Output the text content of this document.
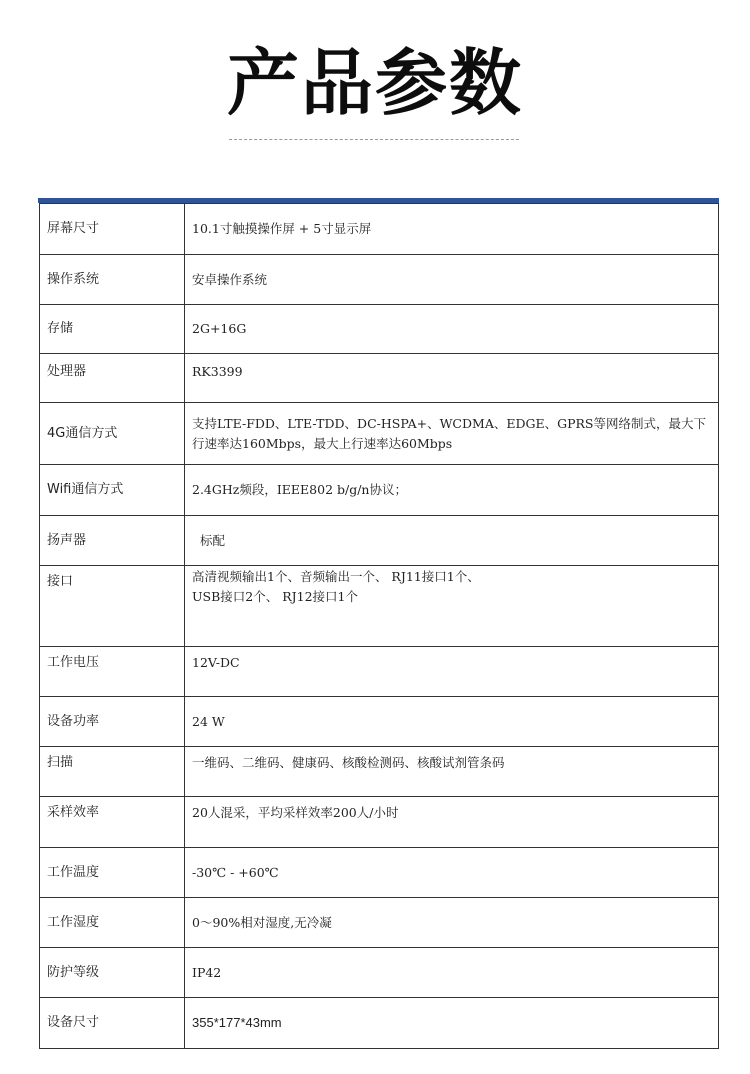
产品参数
屏幕尺寸	10.1寸触摸操作屏 + 5寸显示屏
操作系统	安卓操作系统
存储	2G+16G
处理器	RK3399
4G通信方式	支持LTE-FDD、LTE-TDD、DC-HSPA+、WCDMA、EDGE、GPRS等网络制式，最大下行速率达160Mbps，最大上行速率达60Mbps
Wifi通信方式	2.4GHz频段，IEEE802 b/g/n协议；
扬声器	标配
接口	高清视频输出1个、音频输出一个、 RJ11接口1个、
USB接口2个、 RJ12接口1个

工作电压	12V-DC
设备功率	24 W
扫描	一维码、二维码、健康码、核酸检测码、核酸试剂管条码
采样效率	20人混采，平均采样效率200人/小时
工作温度	-30℃ - +60℃
工作湿度	0～90%相对湿度,无冷凝
防护等级	IP42
设备尺寸	355*177*43mm
